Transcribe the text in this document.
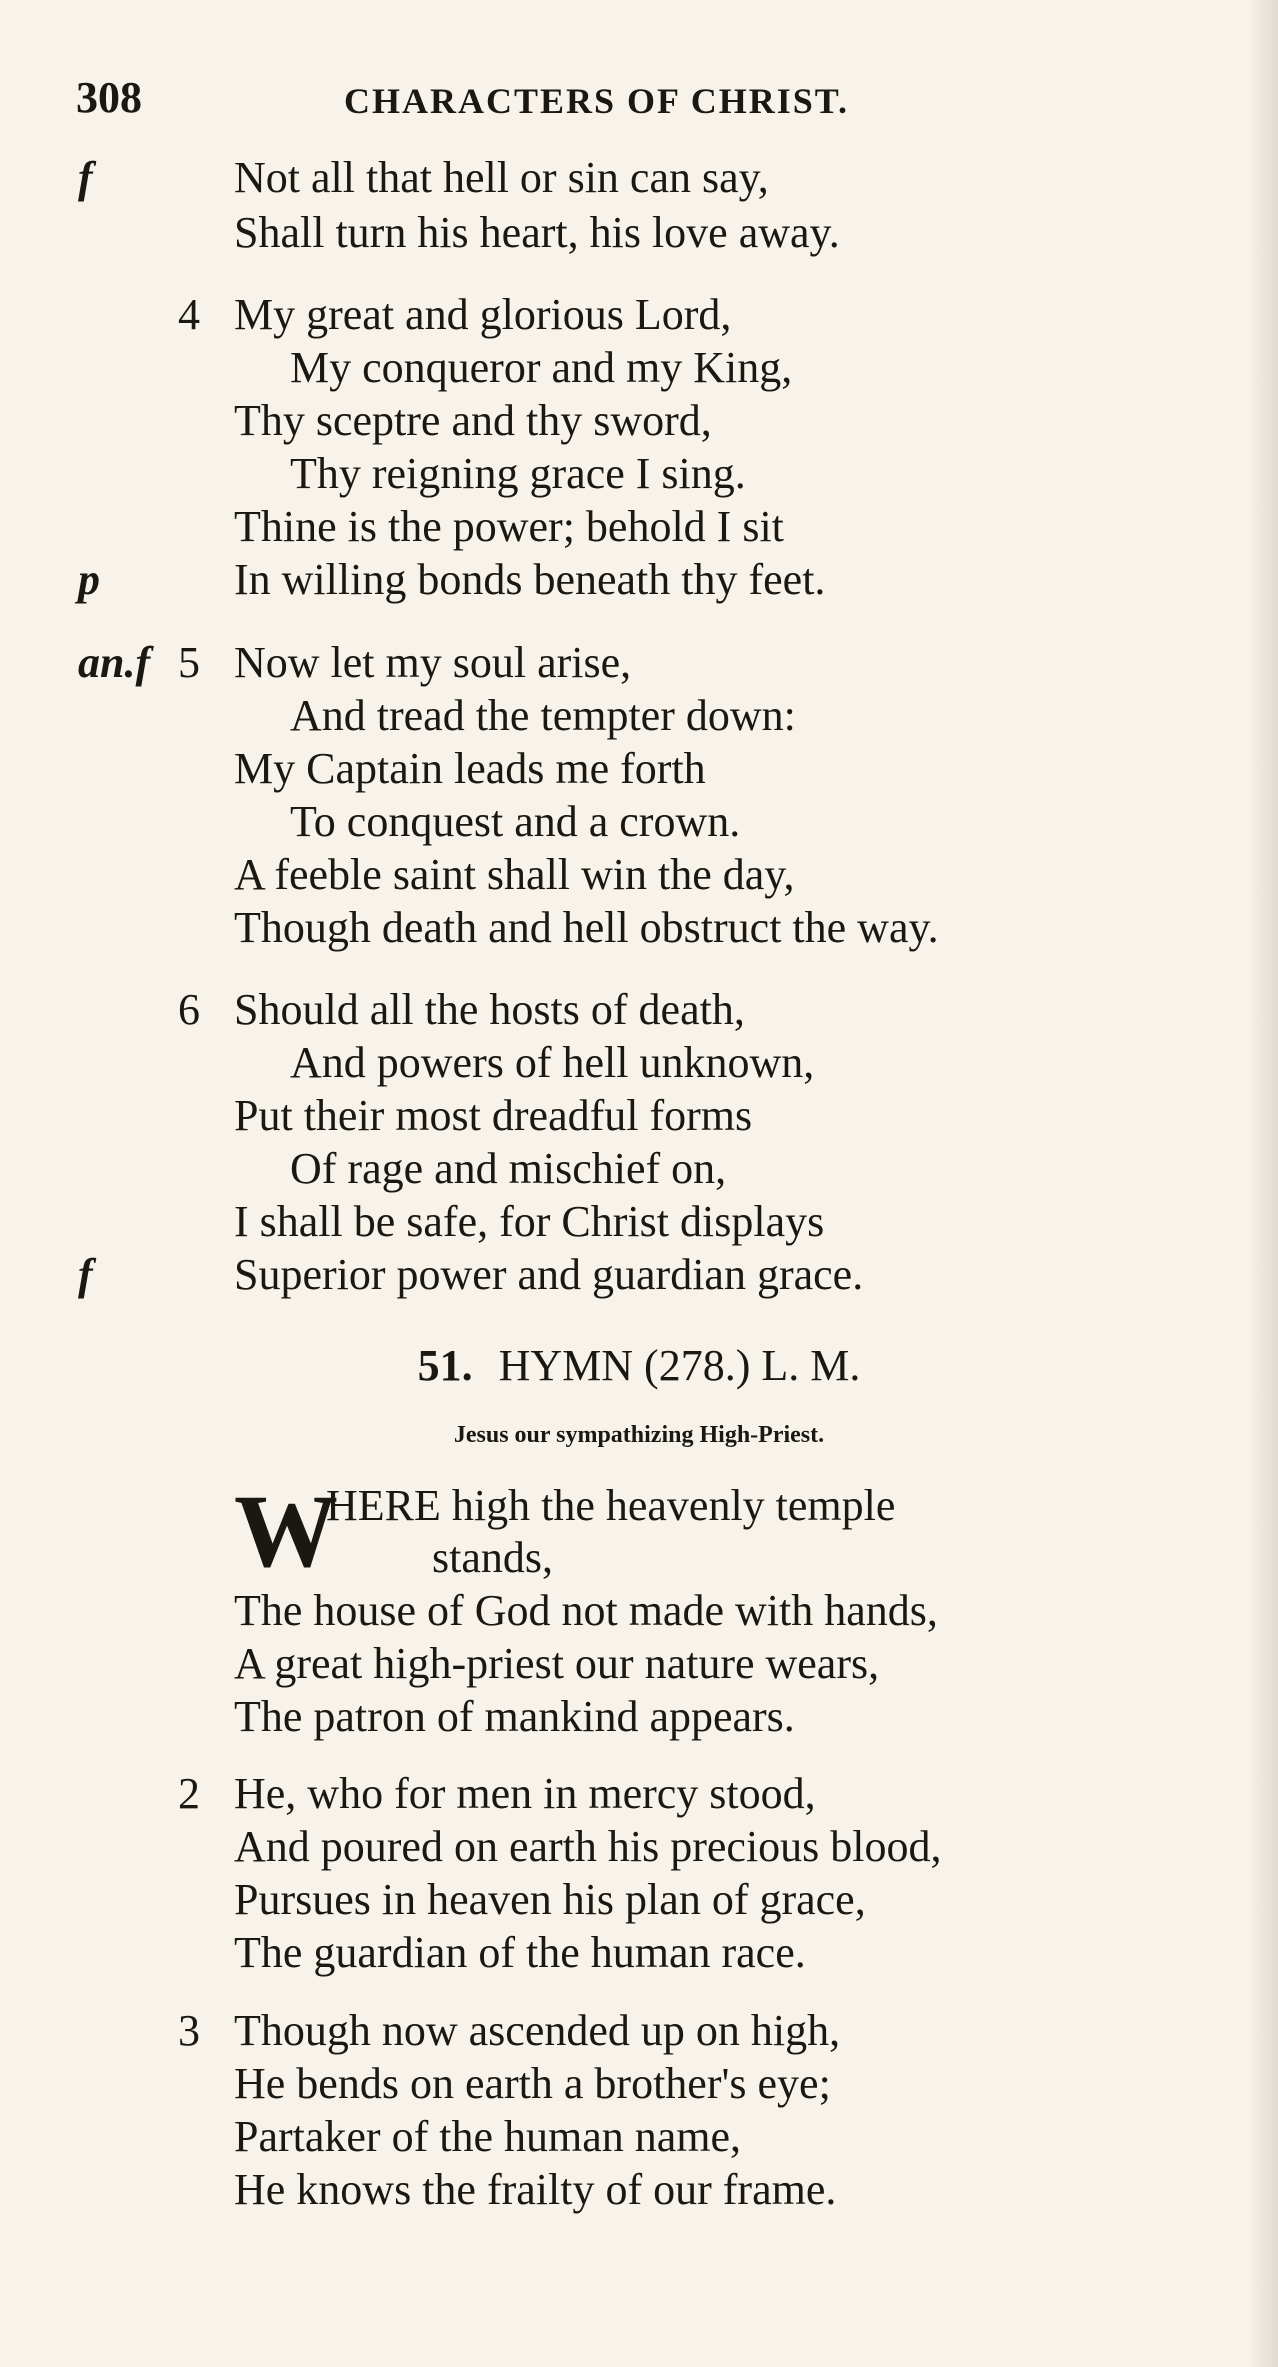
308	CHARACTERS OF CHRIST.
f	Not all that hell or sin can say,
Shall turn his heart, his love away.
4 My great and glorious Lord,
My conqueror and my King,
Thy sceptre and thy sword,
Thy reigning grace I sing.
Thine is the power; behold I sit
p	In willing bonds beneath thy feet.
an.f 5 Now let my soul arise,
And tread the tempter down:
My Captain leads me forth
To conquest and a crown.
A feeble saint shall win the day,
Though death and hell obstruct the way.
6 Should all the hosts of death,
And powers of hell unknown,
Put their most dreadful forms
Of rage and mischief on,
I shall be safe, for Christ displays
f	Superior power and guardian grace.
51. HYMN (278.) L. M.
Jesus our sympathizing High-Priest.
W
HERE high the heavenly temple
stands,
The house of God not made with hands,
A great high-priest our nature wears,
The patron of mankind appears.
2 He, who for men in mercy stood,
And poured on earth his precious blood,
Pursues in heaven his plan of grace,
The guardian of the human race.
3 Though now ascended up on high,
He bends on earth a brother's eye;
Partaker of the human name,
He knows the frailty of our frame.
